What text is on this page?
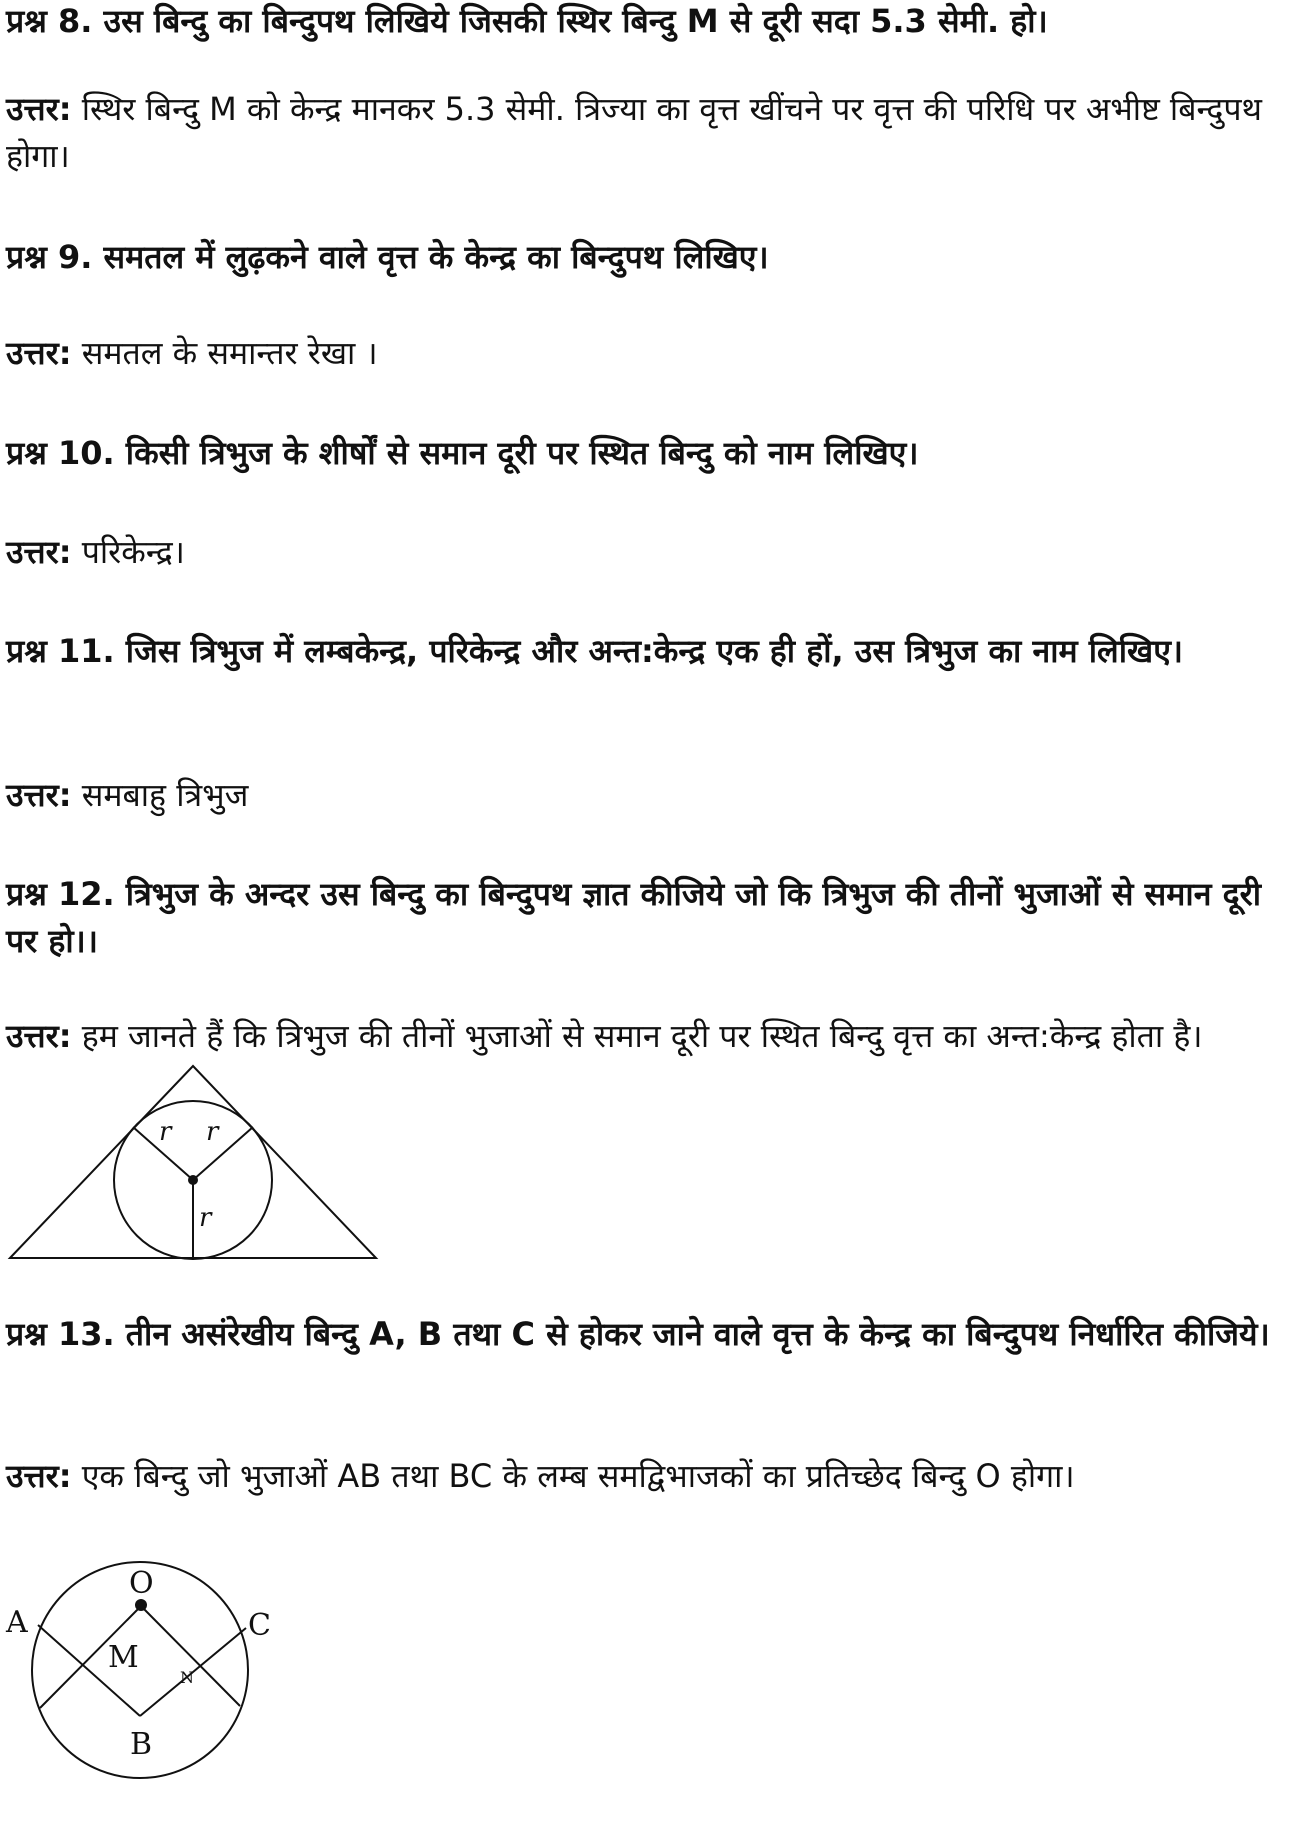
प्रश्न 8. उस बिन्दु का बिन्दुपथ लिखिये जिसकी स्थिर बिन्दु M से दूरी सदा 5.3 सेमी. हो।

उत्तर: स्थिर बिन्दु M को केन्द्र मानकर 5.3 सेमी. त्रिज्या का वृत्त खींचने पर वृत्त की परिधि पर अभीष्ट बिन्दुपथ होगा।

प्रश्न 9. समतल में लुढ़कने वाले वृत्त के केन्द्र का बिन्दुपथ लिखिए।

उत्तर: समतल के समान्तर रेखा ।

प्रश्न 10. किसी त्रिभुज के शीर्षों से समान दूरी पर स्थित बिन्दु को नाम लिखिए।

उत्तर: परिकेन्द्र।

प्रश्न 11. जिस त्रिभुज में लम्बकेन्द्र, परिकेन्द्र और अन्त:केन्द्र एक ही हों, उस त्रिभुज का नाम लिखिए।

उत्तर: समबाहु त्रिभुज

प्रश्न 12. त्रिभुज के अन्दर उस बिन्दु का बिन्दुपथ ज्ञात कीजिये जो कि त्रिभुज की तीनों भुजाओं से समान दूरी पर हो।।

उत्तर: हम जानते हैं कि त्रिभुज की तीनों भुजाओं से समान दूरी पर स्थित बिन्दु वृत्त का अन्त:केन्द्र होता है।

r r
r

प्रश्न 13. तीन असंरेखीय बिन्दु A, B तथा C से होकर जाने वाले वृत्त के केन्द्र का बिन्दुपथ निर्धारित कीजिये।

उत्तर: एक बिन्दु जो भुजाओं AB तथा BC के लम्ब समद्विभाजकों का प्रतिच्छेद बिन्दु O होगा।

O
A	C
M
N
B
